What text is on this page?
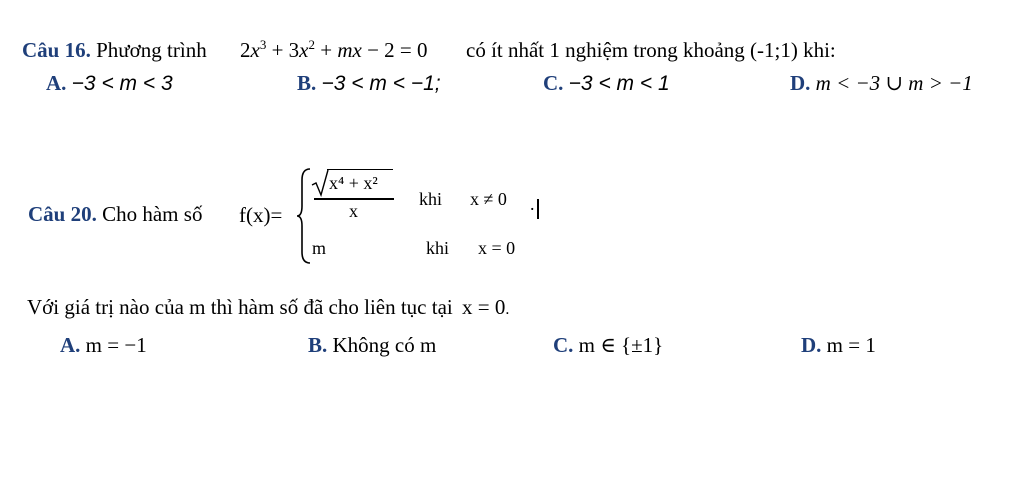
Câu 16. Phương trình $2x^3 + 3x^2$ + mx − 2 = 0 có ít nhất 1 nghiệm trong khoảng (-1;1) khi:
A. −3 < m < 3	B. −3 < m < −1;	C. −3 < m < 1	D. m < −3 ∪ m > −1
Câu 20. Cho hàm số f(x)=
x⁴ + x²
x
khi x ≠ 0 .
m	khi x = 0
Với giá trị nào của m thì hàm số đã cho liên tục tại x = 0.
A. m = −1	B. Không có m	C. m ∈ {±1}	D. m = 1
